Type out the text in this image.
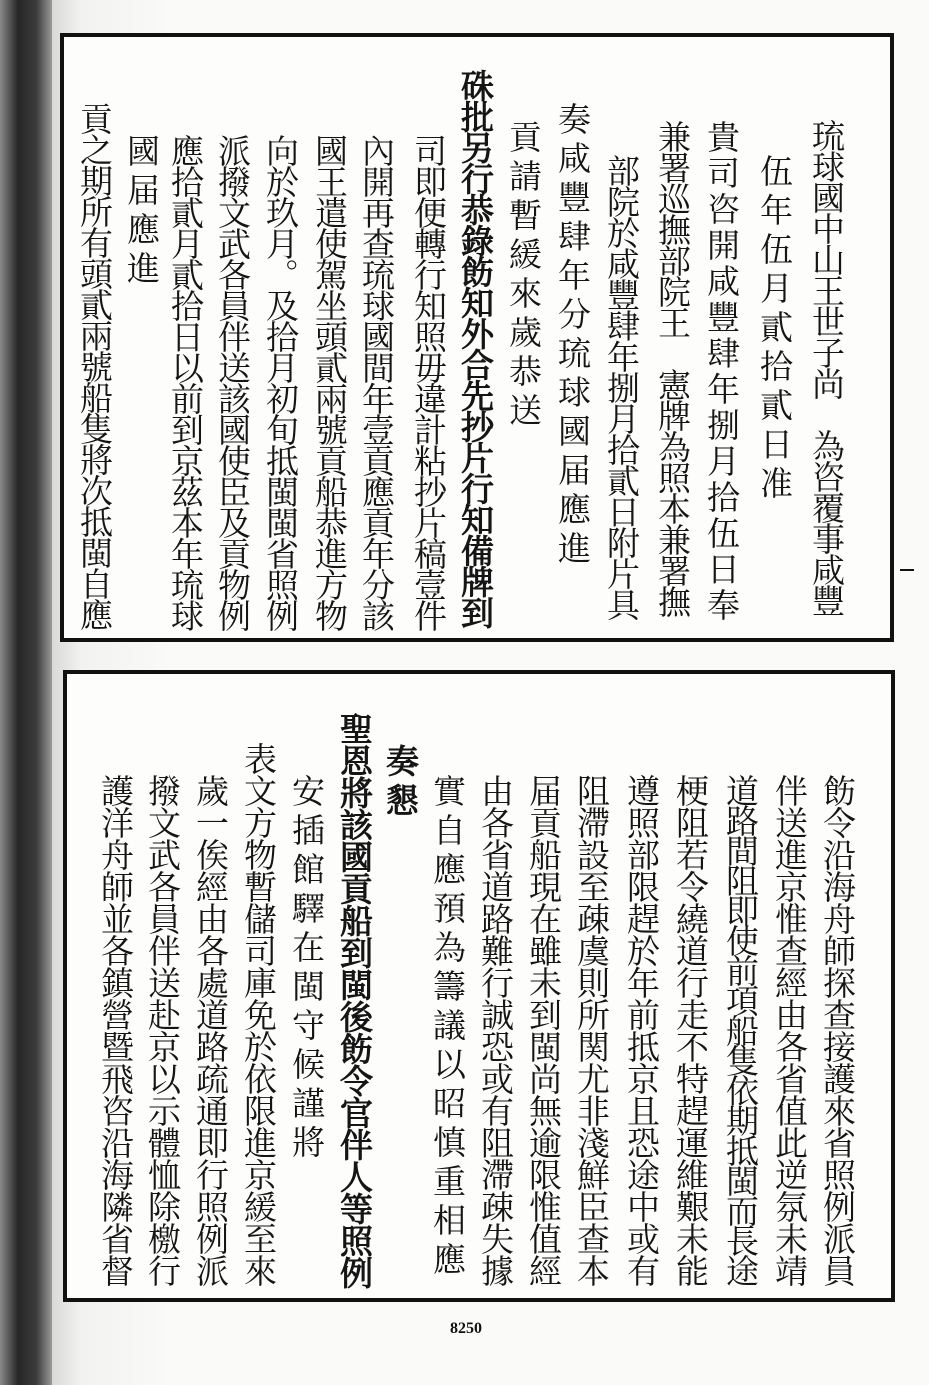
琉球國中山王世子尚　為咨覆事咸豐
伍年伍月貳拾貳日准
貴司咨開咸豐肆年捌月拾伍日奉
兼署巡撫部院王　憲牌為照本兼署撫
部院於咸豐肆年捌月拾貳日附片具
奏咸豐肆年分琉球國届應進
貢請暫緩來歲恭送
硃批另行恭錄飭知外合先抄片行知備牌到
司即便轉行知照毋違計粘抄片稿壹件
內開再查琉球國間年壹貢應貢年分該
國王遣使駕坐頭貳兩號貢船恭進方物
向於玖月。及拾月初旬抵閩閩省照例
派撥文武各員伴送該國使臣及貢物例
應拾貳月貳拾日以前到京茲本年琉球
國届應進
貢之期所有頭貳兩號船隻將次抵閩自應
飭令沿海舟師探查接護來省照例派員
伴送進京惟查經由各省值此逆氛未靖
道路間阻即使前項船隻依期抵閩而長途
梗阻若令繞道行走不特趕運維艱未能
遵照部限趕於年前抵京且恐途中或有
阻滯設至疎虞則所関尤非淺鮮臣查本
届貢船現在雖未到閩尚無逾限惟值經
由各省道路難行誠恐或有阻滯疎失據
實自應預為籌議以昭慎重相應
奏懇
聖恩將該國貢船到閩後飭令官伴人等照例
安插館驛在閩守候謹將
表文方物暫儲司庫免於依限進京緩至來
歲一俟經由各處道路疏通即行照例派
撥文武各員伴送赴京以示體恤除檄行
護洋舟師並各鎮營暨飛咨沿海隣省督
8250
